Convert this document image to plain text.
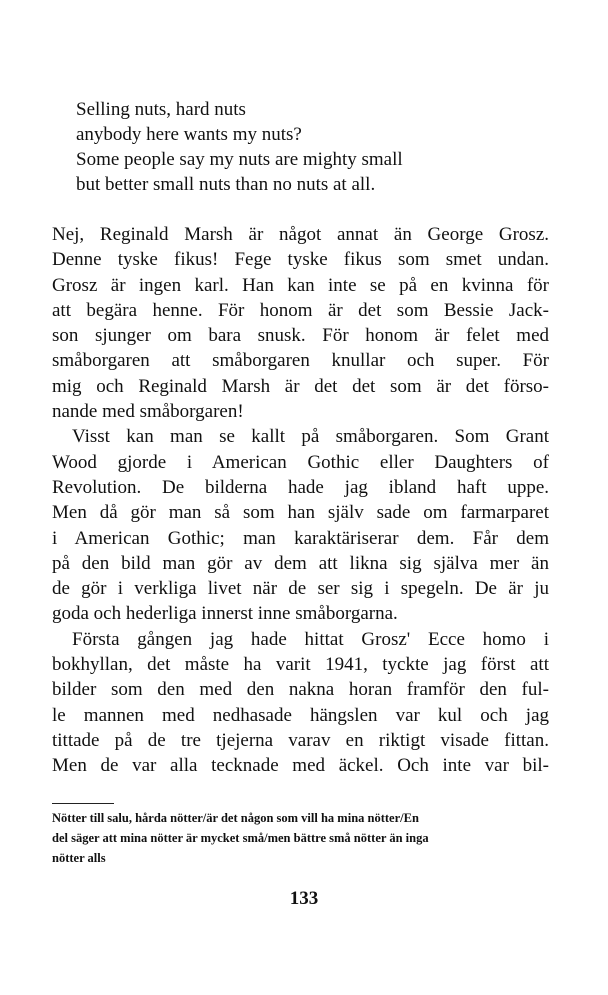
Selling nuts, hard nuts
anybody here wants my nuts?
Some people say my nuts are mighty small
but better small nuts than no nuts at all.
Nej, Reginald Marsh är något annat än George Grosz.
Denne tyske fikus! Fege tyske fikus som smet undan.
Grosz är ingen karl. Han kan inte se på en kvinna för
att begära henne. För honom är det som Bessie Jack-
son sjunger om bara snusk. För honom är felet med
småborgaren att småborgaren knullar och super. För
mig och Reginald Marsh är det det som är det förso-
nande med småborgaren!
Visst kan man se kallt på småborgaren. Som Grant
Wood gjorde i American Gothic eller Daughters of
Revolution. De bilderna hade jag ibland haft uppe.
Men då gör man så som han själv sade om farmarparet
i American Gothic; man karaktäriserar dem. Får dem
på den bild man gör av dem att likna sig själva mer än
de gör i verkliga livet när de ser sig i spegeln. De är ju
goda och hederliga innerst inne småborgarna.
Första gången jag hade hittat Grosz' Ecce homo i
bokhyllan, det måste ha varit 1941, tyckte jag först att
bilder som den med den nakna horan framför den ful-
le mannen med nedhasade hängslen var kul och jag
tittade på de tre tjejerna varav en riktigt visade fittan.
Men de var alla tecknade med äckel. Och inte var bil-
Nötter till salu, hårda nötter/är det någon som vill ha mina nötter/En
del säger att mina nötter är mycket små/men bättre små nötter än inga
nötter alls
133
